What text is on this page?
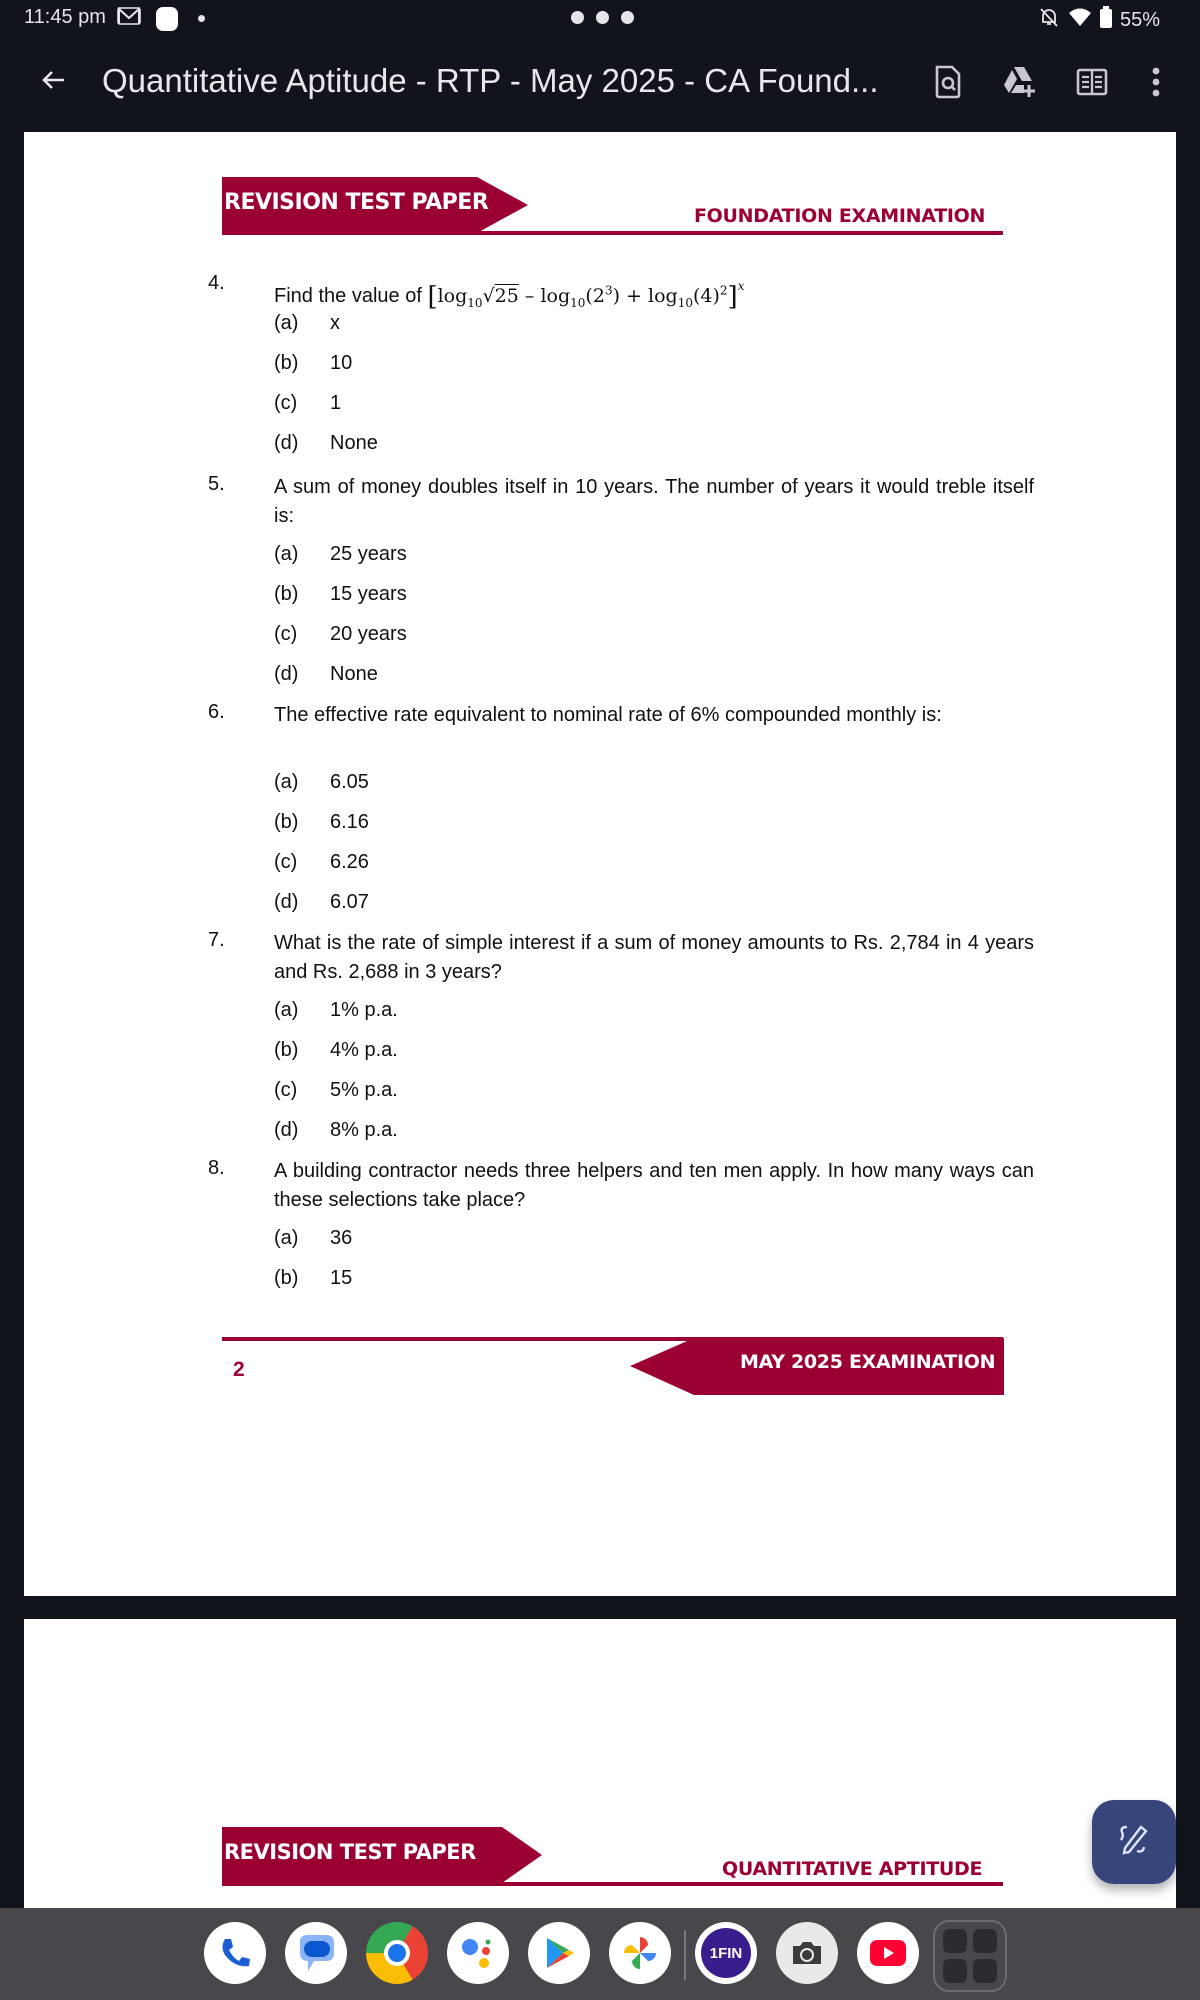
11:45 pm	55%
Quantitative Aptitude - RTP - May 2025 - CA Found...
REVISION TEST PAPER
FOUNDATION EXAMINATION
4.
Find the value of $[\log_{10}√25 - \log_{10}(2^3) + \log_{10}(4)^2]^x$
(a) x
(b) 10
(c) 1
(d) None
5. A sum of money doubles itself in 10 years. The number of years it would treble itself is:
(a) 25 years
(b) 15 years
(c) 20 years
(d) None
6. The effective rate equivalent to nominal rate of 6% compounded monthly is:
(a) 6.05
(b) 6.16
(c) 6.26
(d) 6.07
7. What is the rate of simple interest if a sum of money amounts to Rs. 2,784 in 4 years and Rs. 2,688 in 3 years?
(a) 1% p.a.
(b) 4% p.a.
(c) 5% p.a.
(d) 8% p.a.
8. A building contractor needs three helpers and ten men apply. In how many ways can these selections take place?
(a) 36
(b) 15
MAY 2025 EXAMINATION
2
REVISION TEST PAPER
QUANTITATIVE APTITUDE
1FIN
